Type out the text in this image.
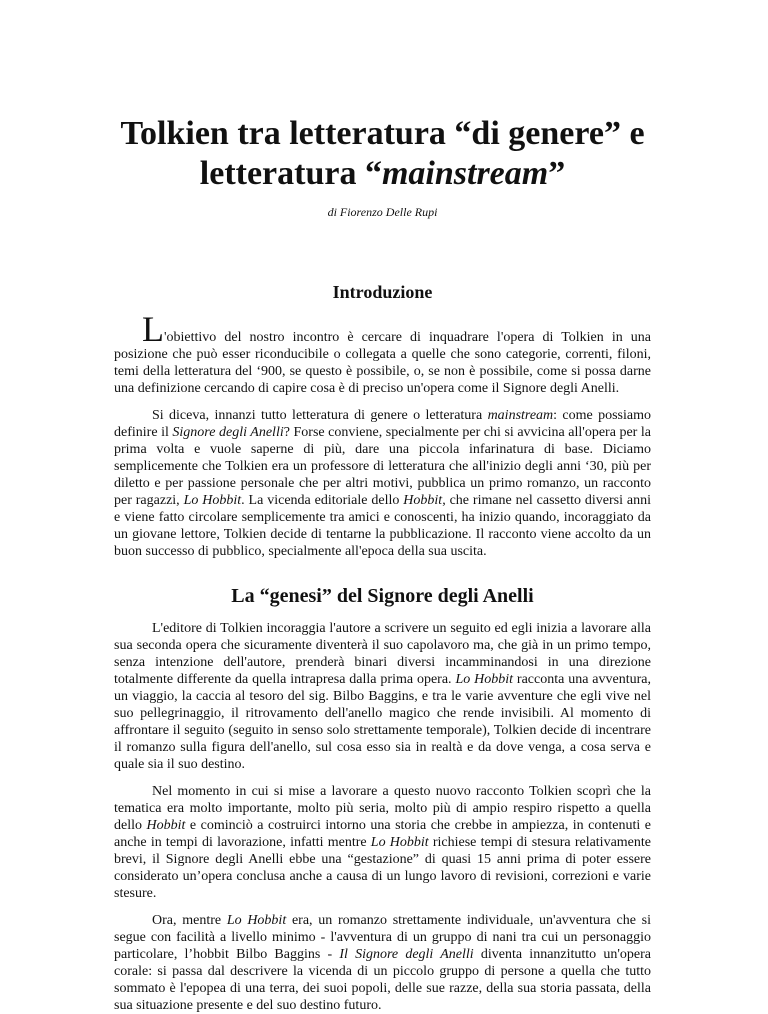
Tolkien tra letteratura “di genere” e
letteratura “mainstream”
di Fiorenzo Delle Rupi
Introduzione

L'obiettivo del nostro incontro è cercare di inquadrare l'opera di Tolkien in una posizione che può esser riconducibile o collegata a quelle che sono categorie, correnti, filoni, temi della letteratura del ‘900, se questo è possibile, o, se non è possibile, come si possa darne una definizione cercando di capire cosa è di preciso un'opera come il Signore degli Anelli.

Si diceva, innanzi tutto letteratura di genere o letteratura mainstream: come possiamo definire il Signore degli Anelli? Forse conviene, specialmente per chi si avvicina all'opera per la prima volta e vuole saperne di più, dare una piccola infarinatura di base. Diciamo semplicemente che Tolkien era un professore di letteratura che all'inizio degli anni ‘30, più per diletto e per passione personale che per altri motivi, pubblica un primo romanzo, un racconto per ragazzi, Lo Hobbit. La vicenda editoriale dello Hobbit, che rimane nel cassetto diversi anni e viene fatto circolare semplicemente tra amici e conoscenti, ha inizio quando, incoraggiato da un giovane lettore, Tolkien decide di tentarne la pubblicazione. Il racconto viene accolto da un buon successo di pubblico, specialmente all'epoca della sua uscita.

La “genesi” del Signore degli Anelli

L'editore di Tolkien incoraggia l'autore a scrivere un seguito ed egli inizia a lavorare alla sua seconda opera che sicuramente diventerà il suo capolavoro ma, che già in un primo tempo, senza intenzione dell'autore, prenderà binari diversi incamminandosi in una direzione totalmente differente da quella intrapresa dalla prima opera. Lo Hobbit racconta una avventura, un viaggio, la caccia al tesoro del sig. Bilbo Baggins, e tra le varie avventure che egli vive nel suo pellegrinaggio, il ritrovamento dell'anello magico che rende invisibili. Al momento di affrontare il seguito (seguito in senso solo strettamente temporale), Tolkien decide di incentrare il romanzo sulla figura dell'anello, sul cosa esso sia in realtà e da dove venga, a cosa serva e quale sia il suo destino.

Nel momento in cui si mise a lavorare a questo nuovo racconto Tolkien scoprì che la tematica era molto importante, molto più seria, molto più di ampio respiro rispetto a quella dello Hobbit e cominciò a costruirci intorno una storia che crebbe in ampiezza, in contenuti e anche in tempi di lavorazione, infatti mentre Lo Hobbit richiese tempi di stesura relativamente brevi, il Signore degli Anelli ebbe una “gestazione” di quasi 15 anni prima di poter essere considerato un’opera conclusa anche a causa di un lungo lavoro di revisioni, correzioni e varie stesure.

Ora, mentre Lo Hobbit era, un romanzo strettamente individuale, un'avventura che si segue con facilità a livello minimo - l'avventura di un gruppo di nani tra cui un personaggio particolare, l’hobbit Bilbo Baggins - Il Signore degli Anelli diventa innanzitutto un'opera corale: si passa dal descrivere la vicenda di un piccolo gruppo di persone a quella che tutto sommato è l'epopea di una terra, dei suoi popoli, delle sue razze, della sua storia passata, della sua situazione presente e del suo destino futuro.
